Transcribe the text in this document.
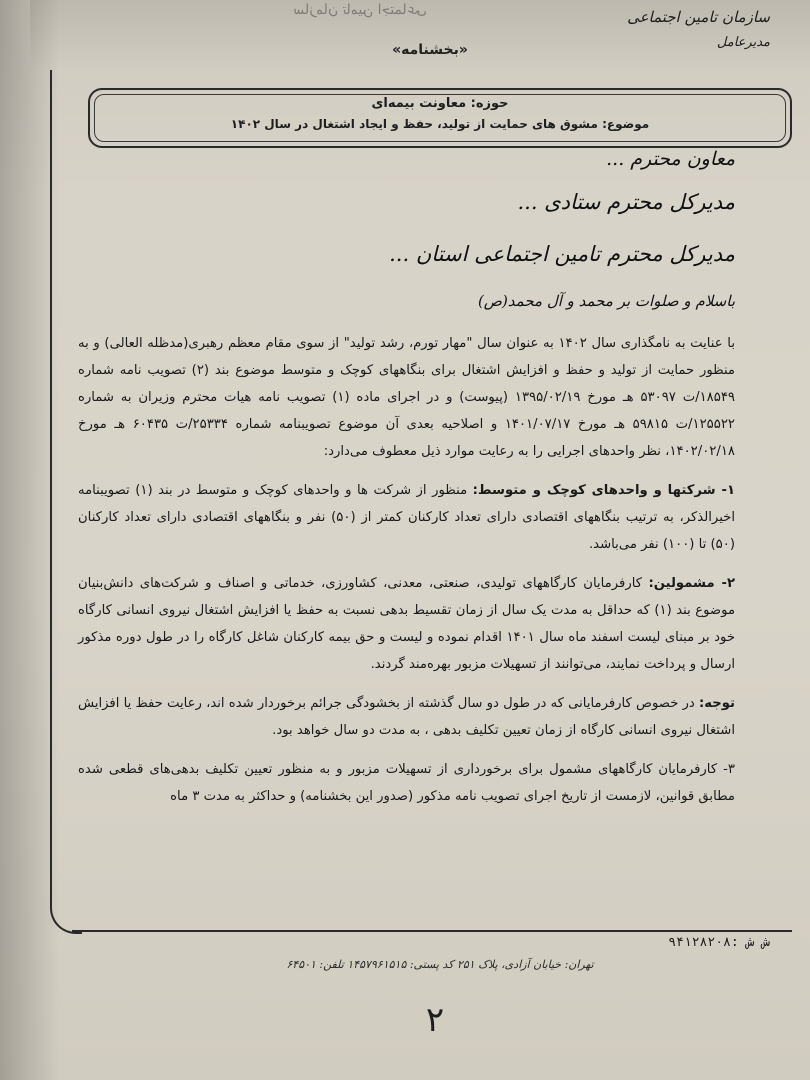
سازمان تامین اجتماعی	سازمان تامین اجتماعی
مدیرعامل
«بخشنامه»
حوزه: معاونت بیمه‌ای
موضوع: مشوق های حمایت از تولید، حفظ و ایجاد اشتغال در سال ۱۴۰۲
معاون محترم ...
مدیرکل محترم ستادی ...
مدیرکل محترم تامین اجتماعی استان ...
باسلام و صلوات بر محمد و آل محمد(ص)

با عنایت به نامگذاری سال ۱۴۰۲ به عنوان سال "مهار تورم، رشد تولید" از سوی مقام معظم رهبری(مدظله العالی) و به منظور حمایت از تولید و حفظ و افزایش اشتغال برای بنگاههای کوچک و متوسط موضوع بند (۲) تصویب نامه شماره ۱۸۵۴۹/ت ۵۳۰۹۷ هـ مورخ ۱۳۹۵/۰۲/۱۹ (پیوست) و در اجرای ماده (۱) تصویب نامه هیات محترم وزیران به شماره ۱۲۵۵۲۲/ت ۵۹۸۱۵ هـ مورخ ۱۴۰۱/۰۷/۱۷ و اصلاحیه بعدی آن موضوع تصویبنامه شماره ۲۵۳۳۴/ت ۶۰۴۳۵ هـ مورخ ۱۴۰۲/۰۲/۱۸، نظر واحدهای اجرایی را به رعایت موارد ذیل معطوف می‌دارد:

۱- شرکتها و واحدهای کوچک و متوسط: منظور از شرکت ها و واحدهای کوچک و متوسط در بند (۱) تصویبنامه اخیرالذکر، به ترتیب بنگاههای اقتصادی دارای تعداد کارکنان کمتر از (۵۰) نفر و بنگاههای اقتصادی دارای تعداد کارکنان (۵۰) تا (۱۰۰) نفر می‌باشد.

۲- مشمولین: کارفرمایان کارگاههای تولیدی، صنعتی، معدنی، کشاورزی، خدماتی و اصناف و شرکت‌های دانش‌بنیان موضوع بند (۱) که حداقل به مدت یک سال از زمان تقسیط بدهی نسبت به حفظ یا افزایش اشتغال نیروی انسانی کارگاه خود بر مبنای لیست اسفند ماه سال ۱۴۰۱ اقدام نموده و لیست و حق بیمه کارکنان شاغل کارگاه را در طول دوره مذکور ارسال و پرداخت نمایند، می‌توانند از تسهیلات مزبور بهره‌مند گردند.

توجه: در خصوص کارفرمایانی که در طول دو سال گذشته از بخشودگی جرائم برخوردار شده اند، رعایت حفظ یا افزایش اشتغال نیروی انسانی کارگاه از زمان تعیین تکلیف بدهی ، به مدت دو سال خواهد بود.

۳- کارفرمایان کارگاههای مشمول برای برخورداری از تسهیلات مزبور و به منظور تعیین تکلیف بدهی‌های قطعی شده مطابق قوانین، لازمست از تاریخ اجرای تصویب نامه مذکور (صدور این بخشنامه) و حداکثر به مدت ۳ ماه

ش ش :۹۴۱۲۸۲۰۸
تهران: خیابان آزادی، پلاک ۲۵۱ کد پستی: ۱۴۵۷۹۶۱۵۱۵ تلفن: ۶۴۵۰۱
۲
